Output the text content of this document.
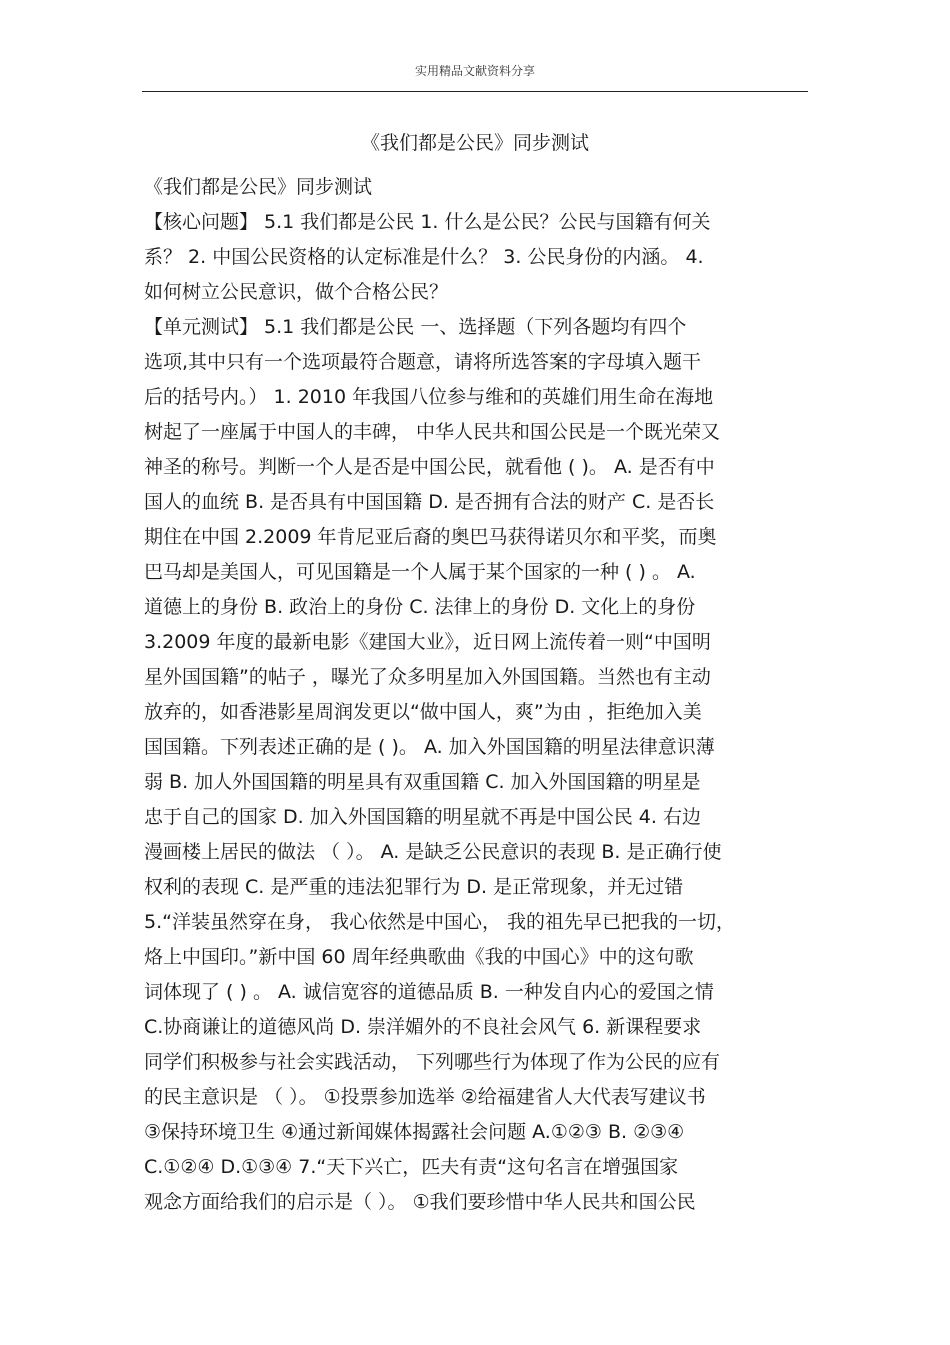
实用精品文献资料分享
《我们都是公民》同步测试
《我们都是公民》同步测试
【核心问题】 5.1 我们都是公民 1. 什么是公民？公民与国籍有何关
系？ 2. 中国公民资格的认定标准是什么？ 3. 公民身份的内涵。 4.
如何树立公民意识，做个合格公民？
【单元测试】 5.1 我们都是公民 一、选择题（下列各题均有四个
选项,其中只有一个选项最符合题意，请将所选答案的字母填入题干
后的括号内。） 1. 2010 年我国八位参与维和的英雄们用生命在海地
树起了一座属于中国人的丰碑， 中华人民共和国公民是一个既光荣又
神圣的称号。判断一个人是否是中国公民，就看他 ( )。 A. 是否有中
国人的血统 B. 是否具有中国国籍 D. 是否拥有合法的财产 C. 是否长
期住在中国 2.2009 年肯尼亚后裔的奥巴马获得诺贝尔和平奖，而奥
巴马却是美国人，可见国籍是一个人属于某个国家的一种 ( ) 。 A.
道德上的身份 B. 政治上的身份 C. 法律上的身份 D. 文化上的身份
3.2009 年度的最新电影《建国大业》，近日网上流传着一则“中国明
星外国国籍”的帖子 ，曝光了众多明星加入外国国籍。当然也有主动
放弃的，如香港影星周润发更以“做中国人，爽”为由 ，拒绝加入美
国国籍。下列表述正确的是 ( )。 A. 加入外国国籍的明星法律意识薄
弱 B. 加人外国国籍的明星具有双重国籍 C. 加入外国国籍的明星是
忠于自己的国家 D. 加入外国国籍的明星就不再是中国公民 4. 右边
漫画楼上居民的做法 （ ）。 A. 是缺乏公民意识的表现 B. 是正确行使
权利的表现 C. 是严重的违法犯罪行为 D. 是正常现象，并无过错
5.“洋装虽然穿在身， 我心依然是中国心， 我的祖先早已把我的一切，
烙上中国印。”新中国 60 周年经典歌曲《我的中国心》中的这句歌
词体现了 ( ) 。 A. 诚信宽容的道德品质 B. 一种发自内心的爱国之情
C.协商谦让的道德风尚 D. 崇洋媚外的不良社会风气 6. 新课程要求
同学们积极参与社会实践活动， 下列哪些行为体现了作为公民的应有
的民主意识是 （ ）。 ①投票参加选举 ②给福建省人大代表写建议书
③保持环境卫生 ④通过新闻媒体揭露社会问题 A.①②③ B. ②③④
C.①②④ D.①③④ 7.“天下兴亡，匹夫有责“这句名言在增强国家
观念方面给我们的启示是（ ）。 ①我们要珍惜中华人民共和国公民
